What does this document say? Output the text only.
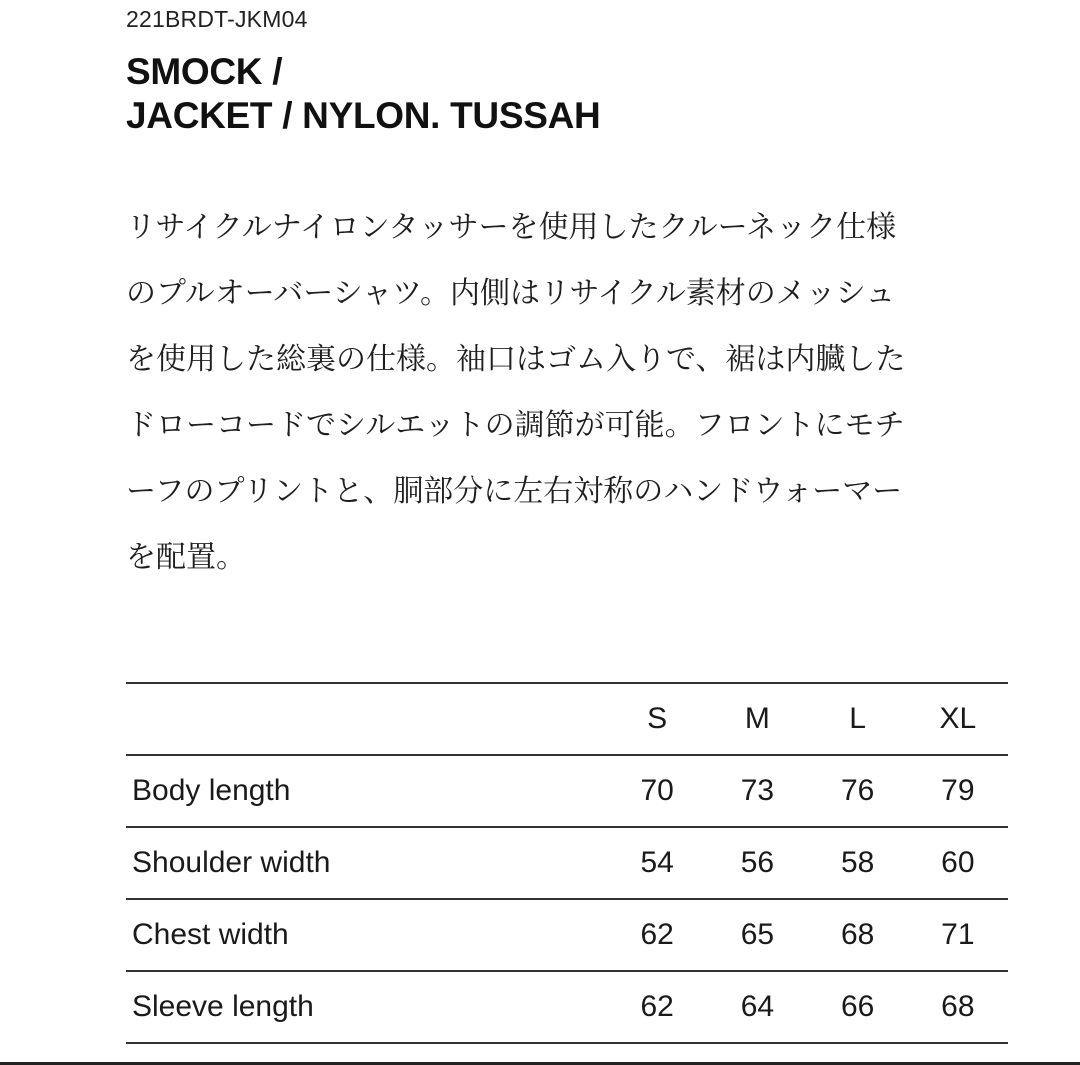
221BRDT-JKM04
SMOCK /
JACKET / NYLON. TUSSAH
リサイクルナイロンタッサーを使用したクルーネック仕様
のプルオーバーシャツ。内側はリサイクル素材のメッシュ
を使用した総裏の仕様。袖口はゴム入りで、裾は内臓した
ドローコードでシルエットの調節が可能。フロントにモチ
ーフのプリントと、胴部分に左右対称のハンドウォーマー
を配置。
	S	M	L	XL
Body length	70	73	76	79
Shoulder width	54	56	58	60
Chest width	62	65	68	71
Sleeve length	62	64	66	68
